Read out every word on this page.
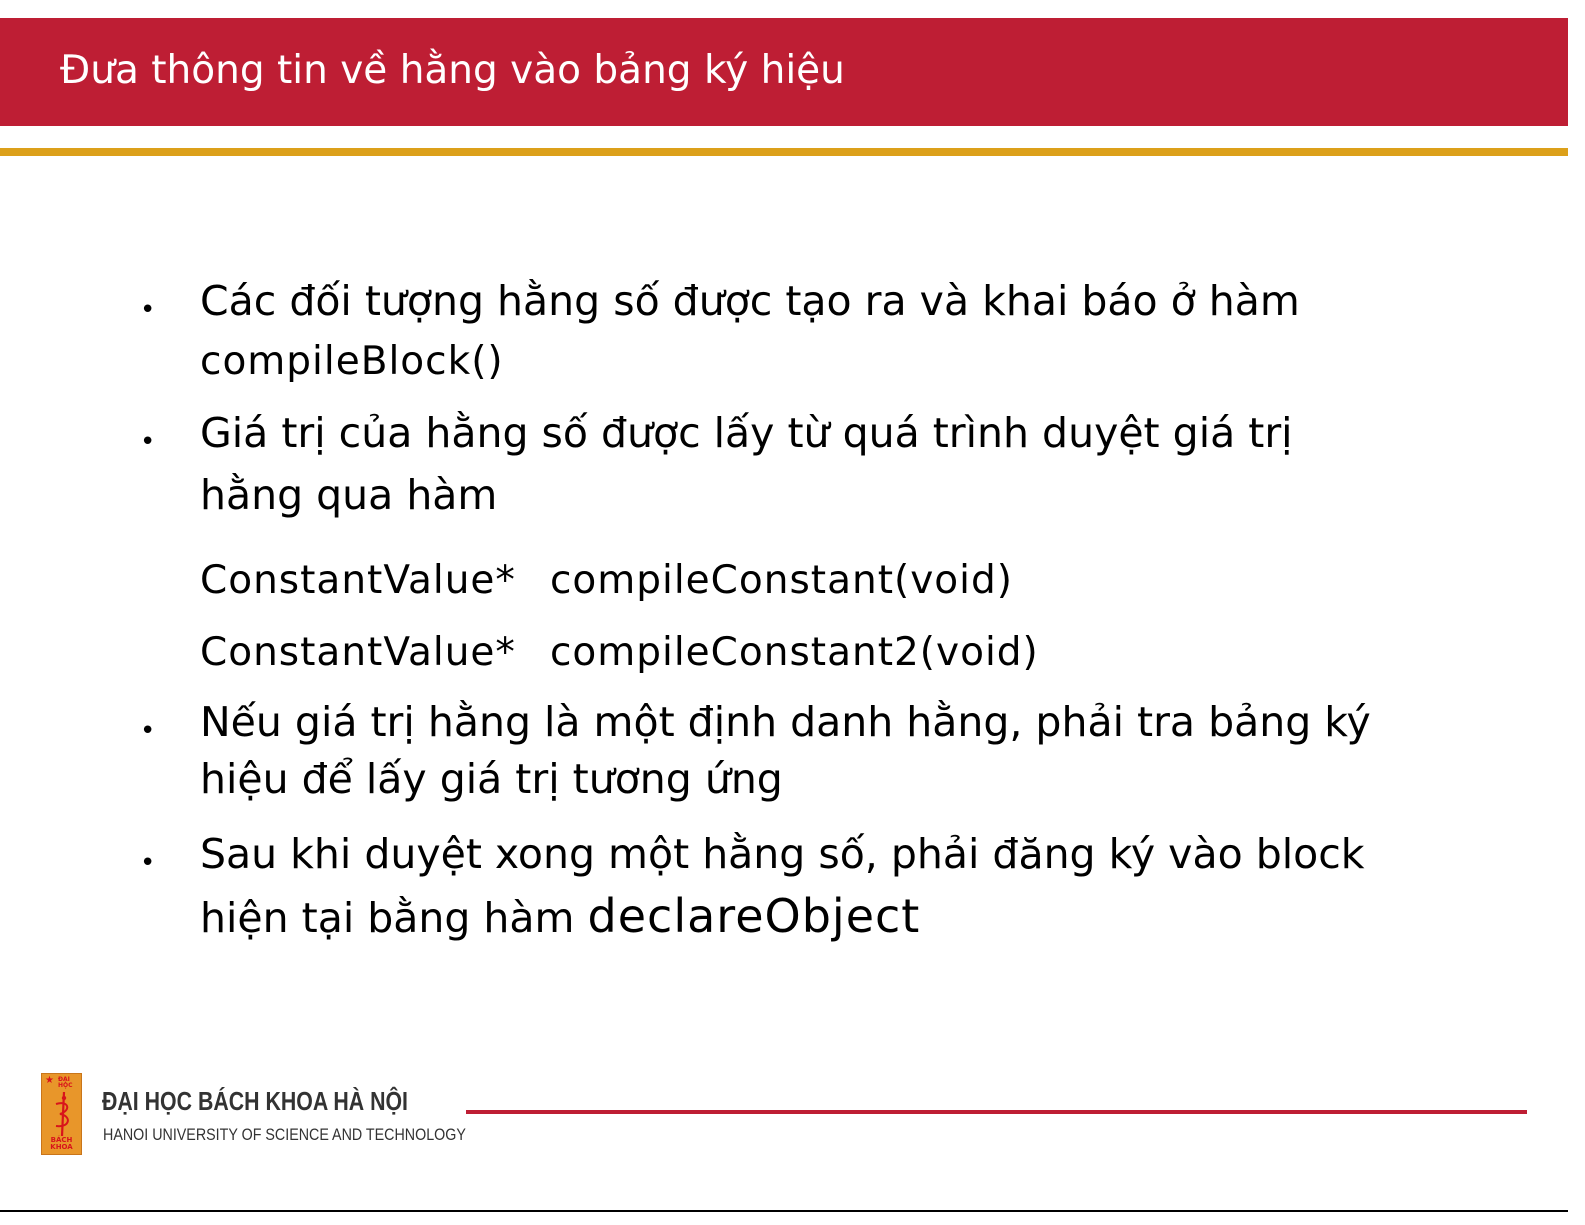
Đưa thông tin về hằng vào bảng ký hiệu
• Các đối tượng hằng số được tạo ra và khai báo ở hàm
compileBlock()
• Giá trị của hằng số được lấy từ quá trình duyệt giá trị
hằng qua hàm
ConstantValue* compileConstant(void)
ConstantValue* compileConstant2(void)
• Nếu giá trị hằng là một định danh hằng, phải tra bảng ký
hiệu để lấy giá trị tương ứng
• Sau khi duyệt xong một hằng số, phải đăng ký vào block
hiện tại bằng hàm declareObject
★ ĐẠI HỌC
BÁCH KHOA
ĐẠI HỌC BÁCH KHOA HÀ NỘI
HANOI UNIVERSITY OF SCIENCE AND TECHNOLOGY
